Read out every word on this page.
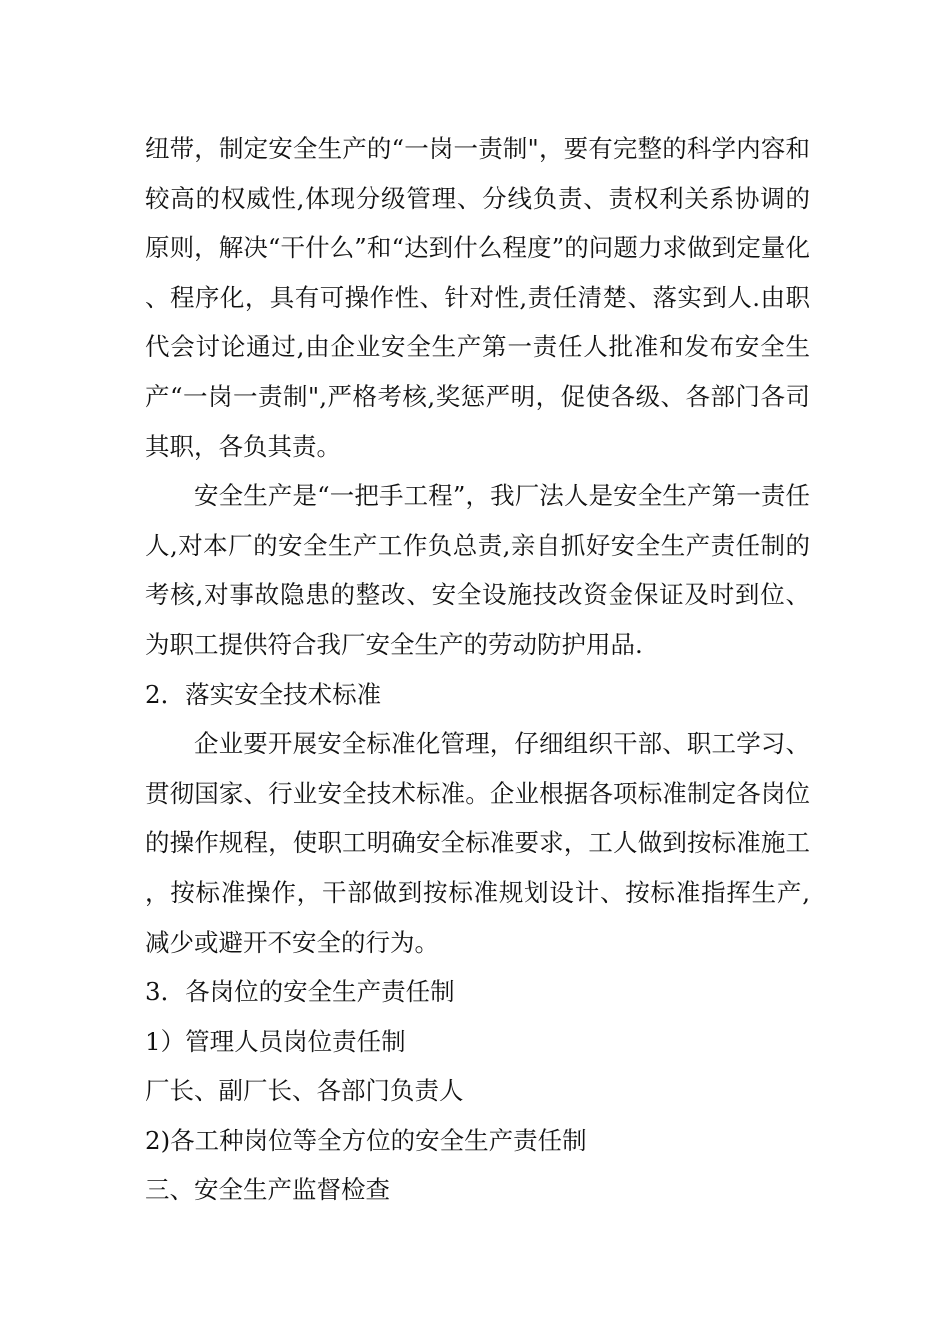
纽带，制定安全生产的“一岗一责制"，要有完整的科学内容和较高的权威性,体现分级管理、分线负责、责权利关系协调的原则，解决“干什么”和“达到什么程度”的问题力求做到定量化、程序化，具有可操作性、针对性,责任清楚、落实到人.由职代会讨论通过,由企业安全生产第一责任人批准和发布安全生产“一岗一责制",严格考核,奖惩严明，促使各级、各部门各司其职，各负其责。

安全生产是“一把手工程”，我厂法人是安全生产第一责任人,对本厂的安全生产工作负总责,亲自抓好安全生产责任制的考核,对事故隐患的整改、安全设施技改资金保证及时到位、为职工提供符合我厂安全生产的劳动防护用品.

2．落实安全技术标准

企业要开展安全标准化管理，仔细组织干部、职工学习、贯彻国家、行业安全技术标准。企业根据各项标准制定各岗位的操作规程，使职工明确安全标准要求，工人做到按标准施工，按标准操作，干部做到按标准规划设计、按标准指挥生产,减少或避开不安全的行为。

3．各岗位的安全生产责任制

1）管理人员岗位责任制

厂长、副厂长、各部门负责人

2)各工种岗位等全方位的安全生产责任制

三、安全生产监督检查
